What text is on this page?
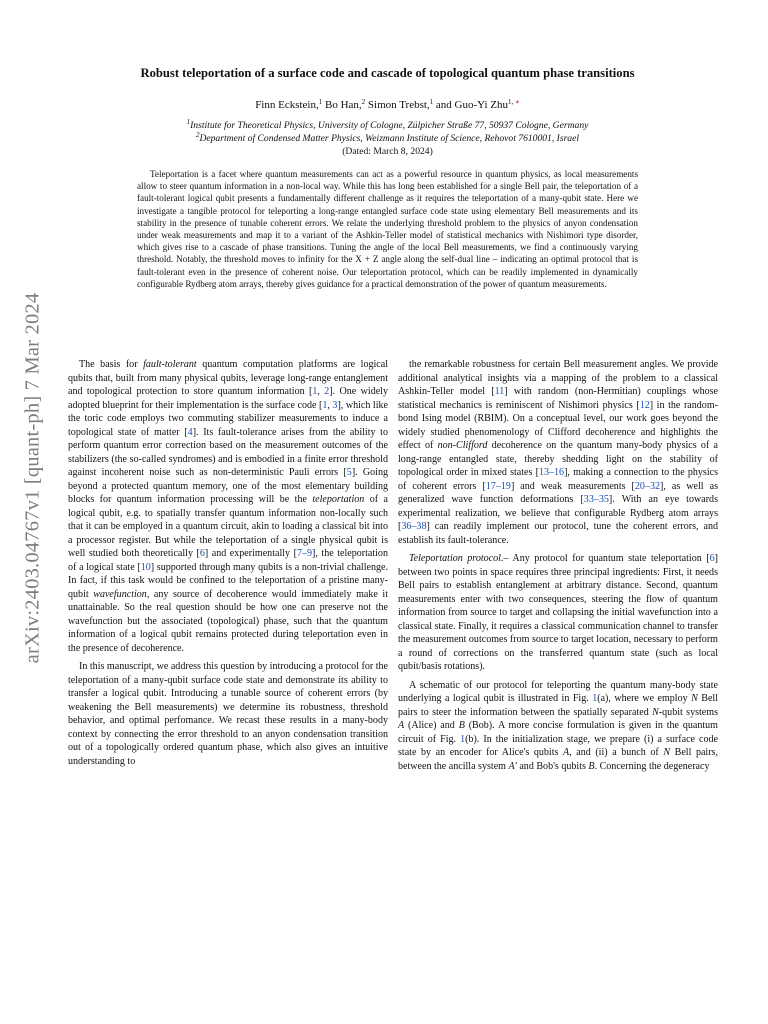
arXiv:2403.04767v1 [quant-ph] 7 Mar 2024
Robust teleportation of a surface code and cascade of topological quantum phase transitions
Finn Eckstein,$^1$ Bo Han,$^2$ Simon Trebst,$^1$ and Guo-Yi Zhu$^{1, ∗}$
$^1$Institute for Theoretical Physics, University of Cologne, Zülpicher Straße 77, 50937 Cologne, Germany
$^2$Department of Condensed Matter Physics, Weizmann Institute of Science, Rehovot 7610001, Israel
(Dated: March 8, 2024)

Teleportation is a facet where quantum measurements can act as a powerful resource in quantum physics, as local measurements allow to steer quantum information in a non-local way. While this has long been established for a single Bell pair, the teleportation of a fault-tolerant logical qubit presents a fundamentally different challenge as it requires the teleportation of a many-qubit state. Here we investigate a tangible protocol for teleporting a long-range entangled surface code state using elementary Bell measurements and its stability in the presence of tunable coherent errors. We relate the underlying threshold problem to the physics of anyon condensation under weak measurements and map it to a variant of the Ashkin-Teller model of statistical mechanics with Nishimori type disorder, which gives rise to a cascade of phase transitions. Tuning the angle of the local Bell measurements, we find a continuously varying threshold. Notably, the threshold moves to infinity for the X + Z angle along the self-dual line – indicating an optimal protocol that is fault-tolerant even in the presence of coherent noise. Our teleportation protocol, which can be readily implemented in dynamically configurable Rydberg atom arrays, thereby gives guidance for a practical demonstration of the power of quantum measurements.

The basis for fault-tolerant quantum computation platforms are logical qubits that, built from many physical qubits, leverage long-range entanglement and topological protection to store quantum information [1, 2]. One widely adopted blueprint for their implementation is the surface code [1, 3], which like the toric code employs two commuting stabilizer measurements to induce a topological state of matter [4]. Its fault-tolerance arises from the ability to perform quantum error correction based on the measurement outcomes of the stabilizers (the so-called syndromes) and is embodied in a finite error threshold against incoherent noise such as non-deterministic Pauli errors [5]. Going beyond a protected quantum memory, one of the most elementary building blocks for quantum information processing will be the teleportation of a logical qubit, e.g. to spatially transfer quantum information non-locally such that it can be employed in a quantum circuit, akin to loading a classical bit into a processor register. But while the teleportation of a single physical qubit is well studied both theoretically [6] and experimentally [7–9], the teleportation of a logical state [10] supported through many qubits is a non-trivial challenge. In fact, if this task would be confined to the teleportation of a pristine many-qubit wavefunction, any source of decoherence would immediately make it unattainable. So the real question should be how one can preserve not the wavefunction but the associated (topological) phase, such that the quantum information of a logical qubit remains protected during teleportation even in the presence of decoherence.

In this manuscript, we address this question by introducing a protocol for the teleportation of a many-qubit surface code state and demonstrate its ability to transfer a logical qubit. Introducing a tunable source of coherent errors (by weakening the Bell measurements) we determine its robustness, threshold behavior, and optimal perfomance. We recast these results in a many-body context by connecting the error threshold to an anyon condensation transition out of a topologically ordered quantum phase, which also gives an intuitive understanding to

the remarkable robustness for certain Bell measurement angles. We provide additional analytical insights via a mapping of the problem to a classical Ashkin-Teller model [11] with random (non-Hermitian) couplings whose statistical mechanics is reminiscent of Nishimori physics [12] in the random-bond Ising model (RBIM). On a conceptual level, our work goes beyond the widely studied phenomenology of Clifford decoherence and highlights the effect of non-Clifford decoherence on the quantum many-body physics of a long-range entangled state, thereby shedding light on the stability of topological order in mixed states [13–16], making a connection to the physics of coherent errors [17–19] and weak measurements [20–32], as well as generalized wave function deformations [33–35]. With an eye towards experimental realization, we believe that configurable Rydberg atom arrays [36–38] can readily implement our protocol, tune the coherent errors, and establish its fault-tolerance.

Teleportation protocol.– Any protocol for quantum state teleportation [6] between two points in space requires three principal ingredients: First, it needs Bell pairs to establish entanglement at arbitrary distance. Second, quantum measurements enter with two consequences, steering the flow of quantum information from source to target and collapsing the initial wavefunction into a classical state. Finally, it requires a classical communication channel to transfer the measurement outcomes from source to target location, necessary to perform a round of corrections on the transferred quantum state (such as local qubit/basis rotations).

A schematic of our protocol for teleporting the quantum many-body state underlying a logical qubit is illustrated in Fig. 1(a), where we employ N Bell pairs to steer the information between the spatially separated N-qubit systems A (Alice) and B (Bob). A more concise formulation is given in the quantum circuit of Fig. 1(b). In the initialization stage, we prepare (i) a surface code state by an encoder for Alice's qubits A, and (ii) a bunch of N Bell pairs, between the ancilla system A′ and Bob's qubits B. Concerning the degeneracy
